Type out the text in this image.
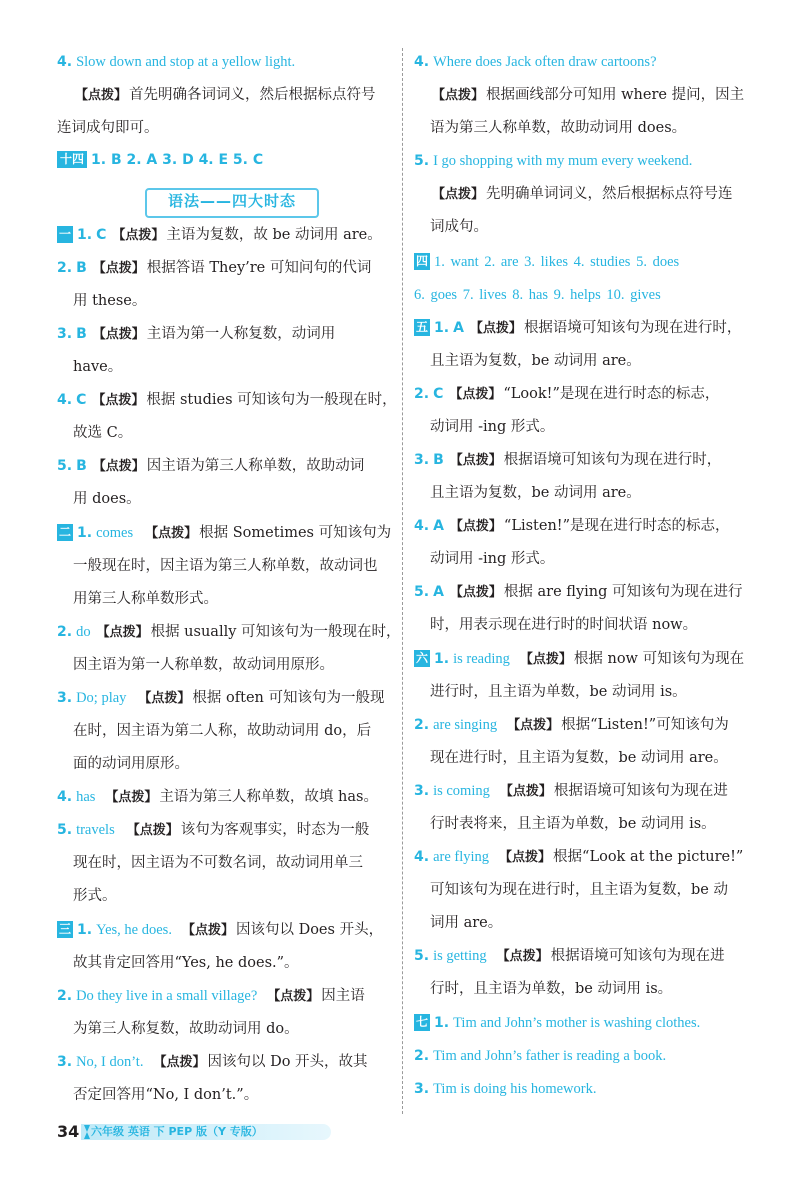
4. Slow down and stop at a yellow light.
【点拨】 首先明确各词词义，然后根据标点符号
连词成句即可。
十四 1. B 2. A 3. D 4. E 5. C
语法——四大时态
一 1. C 【点拨】 主语为复数，故 be 动词用 are。
2. B 【点拨】 根据答语 They’re 可知问句的代词
用 these。
3. B 【点拨】 主语为第一人称复数，动词用
have。
4. C 【点拨】 根据 studies 可知该句为一般现在时，
故选 C。
5. B 【点拨】 因主语为第三人称单数，故助动词
用 does。
二 1. comes 【点拨】 根据 Sometimes 可知该句为
一般现在时，因主语为第三人称单数，故动词也
用第三人称单数形式。
2. do 【点拨】 根据 usually 可知该句为一般现在时，
因主语为第一人称单数，故动词用原形。
3. Do; play 【点拨】 根据 often 可知该句为一般现
在时，因主语为第二人称，故助动词用 do，后
面的动词用原形。
4. has 【点拨】 主语为第三人称单数，故填 has。
5. travels 【点拨】 该句为客观事实，时态为一般
现在时，因主语为不可数名词，故动词用单三
形式。
三 1. Yes, he does. 【点拨】 因该句以 Does 开头，
故其肯定回答用“Yes, he does.”。
2. Do they live in a small village? 【点拨】 因主语
为第三人称复数，故助动词用 do。
3. No, I don’t. 【点拨】 因该句以 Do 开头，故其
否定回答用“No, I don’t.”。
4. Where does Jack often draw cartoons?
【点拨】 根据画线部分可知用 where 提问，因主
语为第三人称单数，故助动词用 does。
5. I go shopping with my mum every weekend.
【点拨】 先明确单词词义，然后根据标点符号连
词成句。
四 1. want 2. are 3. likes 4. studies 5. does
6. goes 7. lives 8. has 9. helps 10. gives
五 1. A 【点拨】 根据语境可知该句为现在进行时，
且主语为复数，be 动词用 are。
2. C 【点拨】 “Look!”是现在进行时态的标志，
动词用 -ing 形式。
3. B 【点拨】 根据语境可知该句为现在进行时，
且主语为复数，be 动词用 are。
4. A 【点拨】 “Listen!”是现在进行时态的标志，
动词用 -ing 形式。
5. A 【点拨】 根据 are flying 可知该句为现在进行
时，用表示现在进行时的时间状语 now。
六 1. is reading 【点拨】 根据 now 可知该句为现在
进行时，且主语为单数，be 动词用 is。
2. are singing 【点拨】 根据“Listen!”可知该句为
现在进行时，且主语为复数，be 动词用 are。
3. is coming 【点拨】 根据语境可知该句为现在进
行时表将来，且主语为单数，be 动词用 is。
4. are flying 【点拨】 根据“Look at the picture!”
可知该句为现在进行时，且主语为复数，be 动
词用 are。
5. is getting 【点拨】 根据语境可知该句为现在进
行时，且主语为单数，be 动词用 is。
七 1. Tim and John’s mother is washing clothes.
2. Tim and John’s father is reading a book.
3. Tim is doing his homework.
34 六年级 英语 下 PEP 版（Y 专版）
